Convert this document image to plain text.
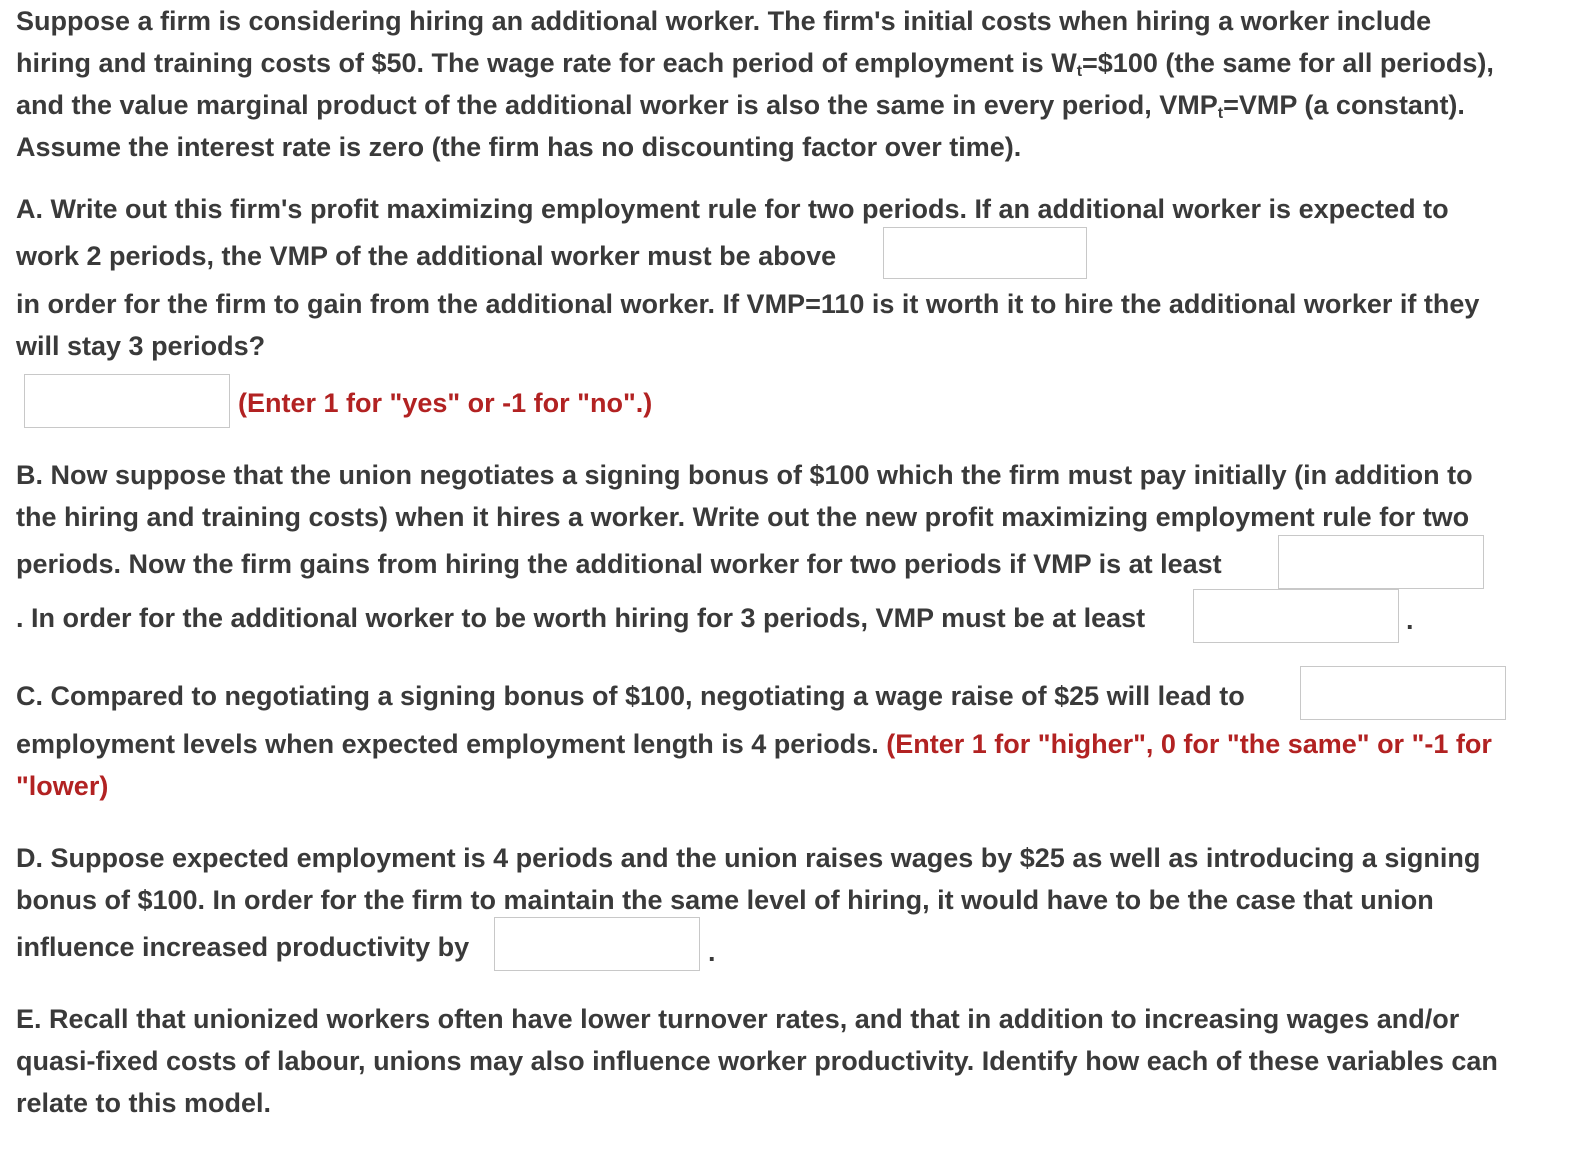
Suppose a firm is considering hiring an additional worker. The firm's initial costs when hiring a worker include
hiring and training costs of $50. The wage rate for each period of employment is $W_t=\$100$ (the same for all periods),
and the value marginal product of the additional worker is also the same in every period, $VMP_t=VMP$ (a constant).
Assume the interest rate is zero (the firm has no discounting factor over time).
A. Write out this firm's profit maximizing employment rule for two periods. If an additional worker is expected to
work 2 periods, the VMP of the additional worker must be above
in order for the firm to gain from the additional worker. If VMP=110 is it worth it to hire the additional worker if they
will stay 3 periods?
(Enter 1 for "yes" or -1 for "no".)
B. Now suppose that the union negotiates a signing bonus of $100 which the firm must pay initially (in addition to
the hiring and training costs) when it hires a worker. Write out the new profit maximizing employment rule for two
periods. Now the firm gains from hiring the additional worker for two periods if VMP is at least
. In order for the additional worker to be worth hiring for 3 periods, VMP must be at least	.
C. Compared to negotiating a signing bonus of $100, negotiating a wage raise of $25 will lead to
employment levels when expected employment length is 4 periods. (Enter 1 for "higher", 0 for "the same" or "-1 for
"lower)
D. Suppose expected employment is 4 periods and the union raises wages by $25 as well as introducing a signing
bonus of $100. In order for the firm to maintain the same level of hiring, it would have to be the case that union
influence increased productivity by	.
E. Recall that unionized workers often have lower turnover rates, and that in addition to increasing wages and/or
quasi-fixed costs of labour, unions may also influence worker productivity. Identify how each of these variables can
relate to this model.
